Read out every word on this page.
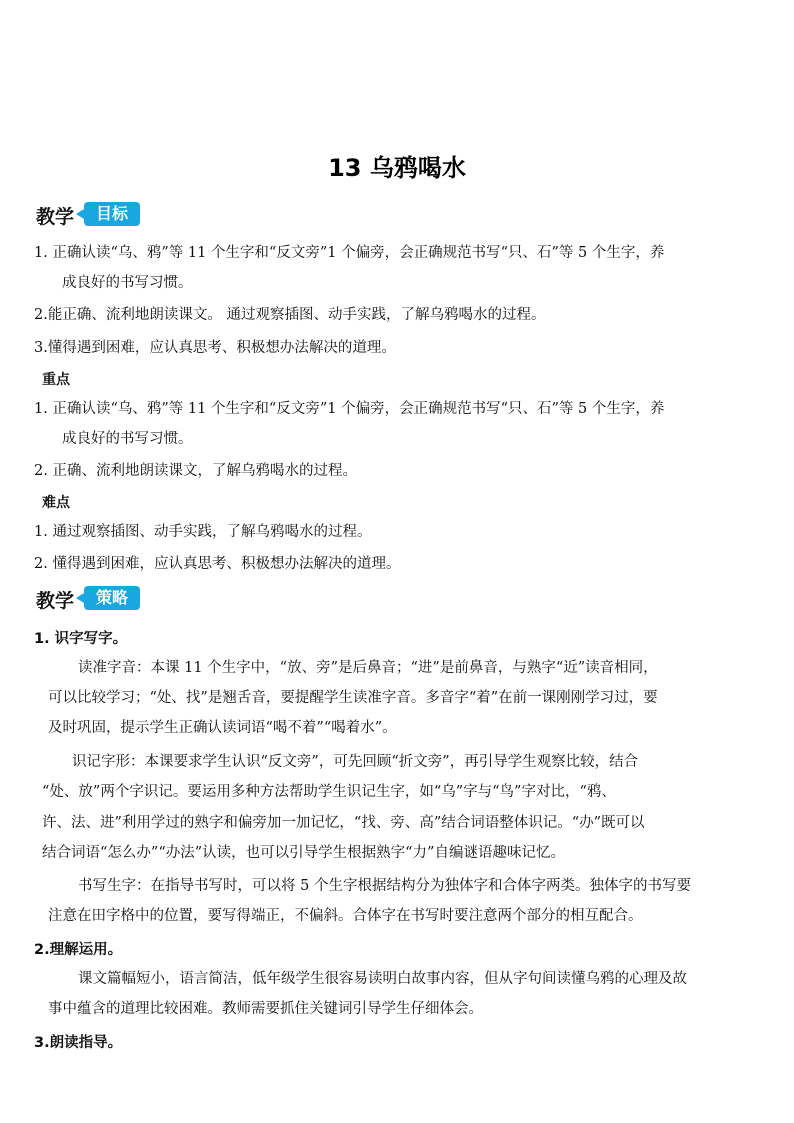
13 乌鸦喝水
教学	目标
1. 正确认读“乌、鸦”等 11 个生字和“反文旁”1 个偏旁，会正确规范书写“只、石”等 5 个生字，养
成良好的书写习惯。
2.能正确、流利地朗读课文。 通过观察插图、动手实践，了解乌鸦喝水的过程。
3.懂得遇到困难，应认真思考、积极想办法解决的道理。
重点
1. 正确认读“乌、鸦”等 11 个生字和“反文旁”1 个偏旁，会正确规范书写“只、石”等 5 个生字，养
成良好的书写习惯。
2. 正确、流利地朗读课文，了解乌鸦喝水的过程。
难点
1. 通过观察插图、动手实践，了解乌鸦喝水的过程。
2. 懂得遇到困难，应认真思考、积极想办法解决的道理。
教学	策略
1. 识字写字。
读准字音：本课 11 个生字中，“放、旁”是后鼻音；“进”是前鼻音，与熟字“近”读音相同，
可以比较学习；“处、找”是翘舌音，要提醒学生读准字音。多音字“着”在前一课刚刚学习过，要
及时巩固，提示学生正确认读词语“喝不着”“喝着水”。
识记字形：本课要求学生认识“反文旁”，可先回顾“折文旁”，再引导学生观察比较，结合
“处、放”两个字识记。要运用多种方法帮助学生识记生字，如“乌”字与“鸟”字对比，“鸦、
许、法、进”利用学过的熟字和偏旁加一加记忆，“找、旁、高”结合词语整体识记。“办”既可以
结合词语“怎么办”“办法”认读，也可以引导学生根据熟字“力”自编谜语趣味记忆。
书写生字：在指导书写时，可以将 5 个生字根据结构分为独体字和合体字两类。独体字的书写要
注意在田字格中的位置，要写得端正，不偏斜。合体字在书写时要注意两个部分的相互配合。
2.理解运用。
课文篇幅短小，语言简洁，低年级学生很容易读明白故事内容，但从字句间读懂乌鸦的心理及故
事中蕴含的道理比较困难。教师需要抓住关键词引导学生仔细体会。
3.朗读指导。
